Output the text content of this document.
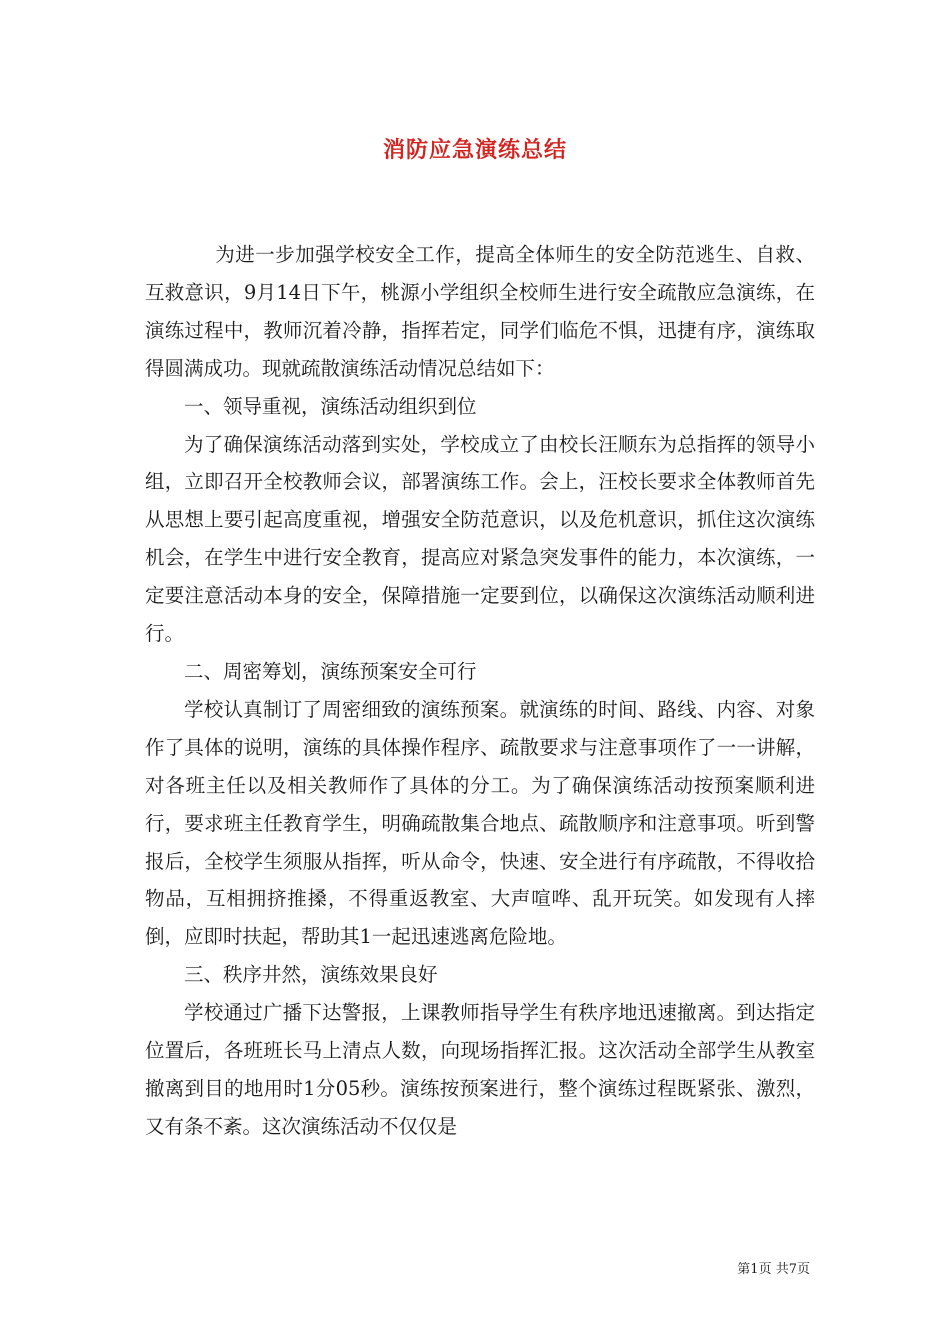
消防应急演练总结

为进一步加强学校安全工作，提高全体师生的安全防范逃生、自救、互救意识，9月14日下午，桃源小学组织全校师生进行安全疏散应急演练，在演练过程中，教师沉着冷静，指挥若定，同学们临危不惧，迅捷有序，演练取得圆满成功。现就疏散演练活动情况总结如下：

一、领导重视，演练活动组织到位

为了确保演练活动落到实处，学校成立了由校长汪顺东为总指挥的领导小组，立即召开全校教师会议，部署演练工作。会上，汪校长要求全体教师首先从思想上要引起高度重视，增强安全防范意识，以及危机意识，抓住这次演练机会，在学生中进行安全教育，提高应对紧急突发事件的能力，本次演练，一定要注意活动本身的安全，保障措施一定要到位，以确保这次演练活动顺利进行。

二、周密筹划，演练预案安全可行

学校认真制订了周密细致的演练预案。就演练的时间、路线、内容、对象作了具体的说明，演练的具体操作程序、疏散要求与注意事项作了一一讲解，对各班主任以及相关教师作了具体的分工。为了确保演练活动按预案顺利进行，要求班主任教育学生，明确疏散集合地点、疏散顺序和注意事项。听到警报后，全校学生须服从指挥，听从命令，快速、安全进行有序疏散，不得收拾物品，互相拥挤推搡，不得重返教室、大声喧哗、乱开玩笑。如发现有人摔倒，应即时扶起，帮助其1一起迅速逃离危险地。

三、秩序井然，演练效果良好

学校通过广播下达警报，上课教师指导学生有秩序地迅速撤离。到达指定位置后，各班班长马上清点人数，向现场指挥汇报。这次活动全部学生从教室撤离到目的地用时1分05秒。演练按预案进行，整个演练过程既紧张、激烈，又有条不紊。这次演练活动不仅仅是

第1页 共7页
